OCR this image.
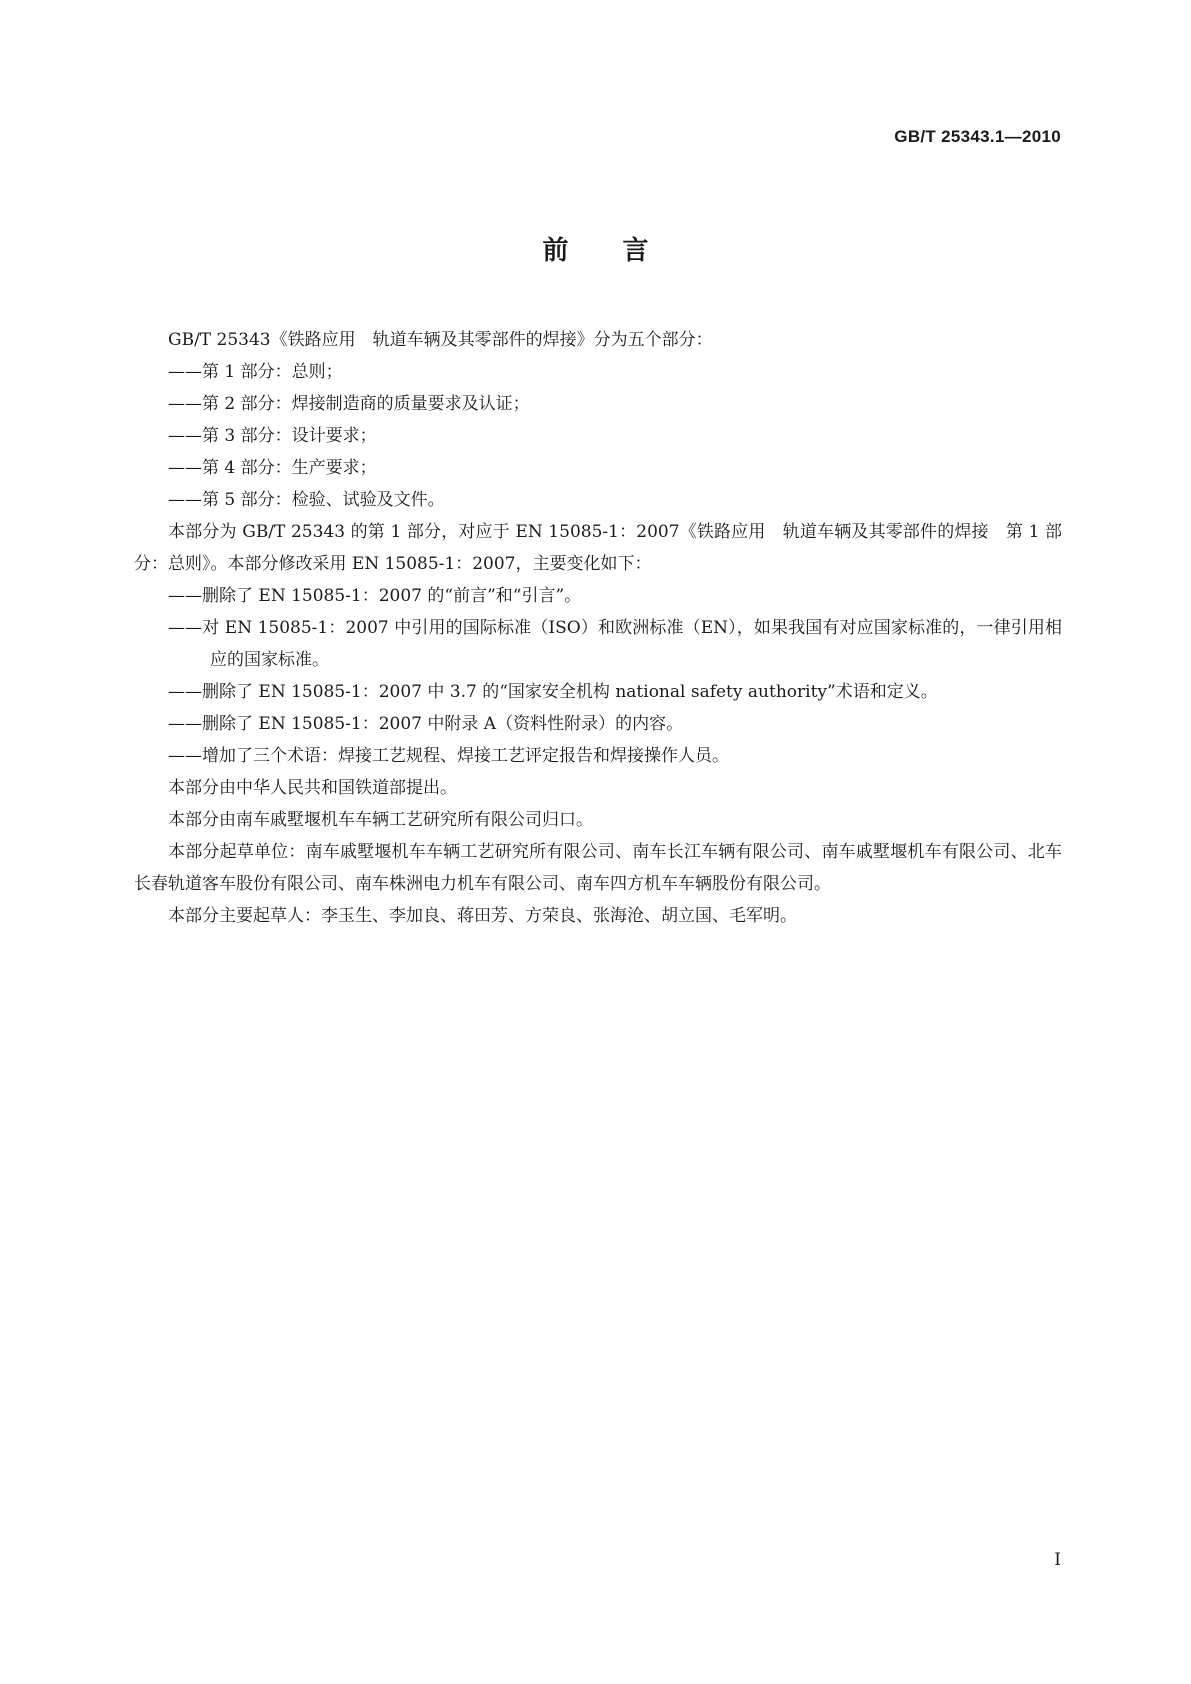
GB/T 25343.1—2010
前言
GB/T 25343《铁路应用　轨道车辆及其零部件的焊接》分为五个部分：
——第 1 部分：总则；
——第 2 部分：焊接制造商的质量要求及认证；
——第 3 部分：设计要求；
——第 4 部分：生产要求；
——第 5 部分：检验、试验及文件。
本部分为 GB/T 25343 的第 1 部分，对应于 EN 15085-1：2007《铁路应用　轨道车辆及其零部件的焊接　第 1 部分：总则》。本部分修改采用 EN 15085-1：2007，主要变化如下：
——删除了 EN 15085-1：2007 的“前言”和“引言”。
——对 EN 15085-1：2007 中引用的国际标准（ISO）和欧洲标准（EN），如果我国有对应国家标准的，一律引用相应的国家标准。
——删除了 EN 15085-1：2007 中 3.7 的“国家安全机构 national safety authority”术语和定义。
——删除了 EN 15085-1：2007 中附录 A（资料性附录）的内容。
——增加了三个术语：焊接工艺规程、焊接工艺评定报告和焊接操作人员。
本部分由中华人民共和国铁道部提出。
本部分由南车戚墅堰机车车辆工艺研究所有限公司归口。
本部分起草单位：南车戚墅堰机车车辆工艺研究所有限公司、南车长江车辆有限公司、南车戚墅堰机车有限公司、北车长春轨道客车股份有限公司、南车株洲电力机车有限公司、南车四方机车车辆股份有限公司。
本部分主要起草人：李玉生、李加良、蒋田芳、方荣良、张海沧、胡立国、毛军明。
I
